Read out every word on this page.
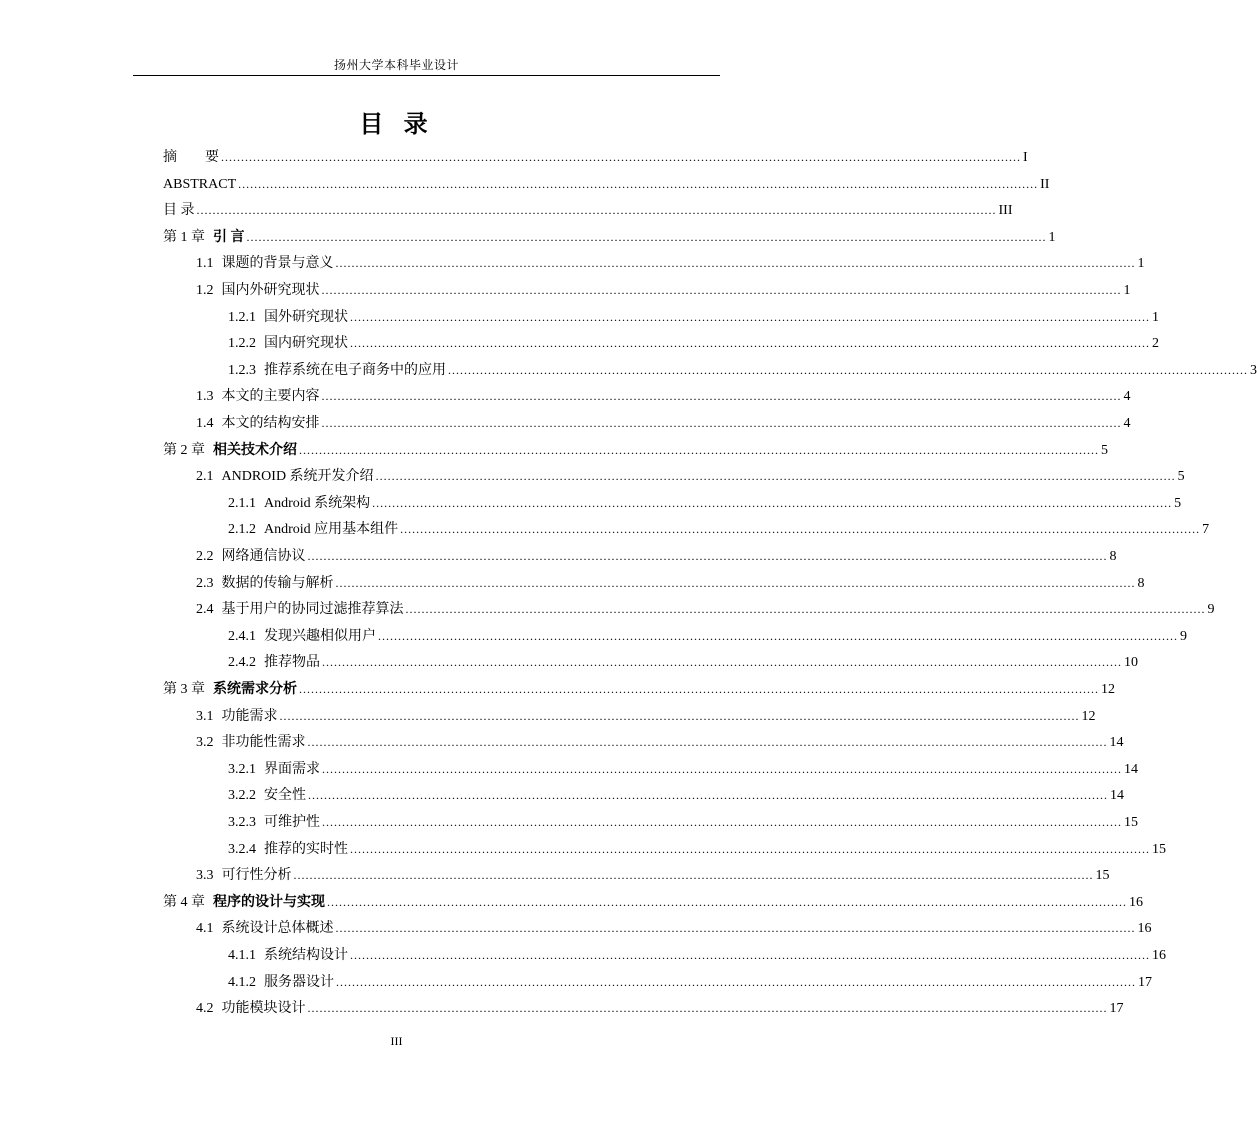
扬州大学本科毕业设计
目 录
摘　　要 ........................................................................................................................................................................................................ I
ABSTRACT ........................................................................................................................................................................................................ II
目 录 ........................................................................................................................................................................................................ III
第 1 章 引 言 ........................................................................................................................................................................................................ 1
1.1 课题的背景与意义 ........................................................................................................................................................................................................ 1
1.2 国内外研究现状 ........................................................................................................................................................................................................ 1
1.2.1 国外研究现状 ........................................................................................................................................................................................................ 1
1.2.2 国内研究现状 ........................................................................................................................................................................................................ 2
1.2.3 推荐系统在电子商务中的应用 ........................................................................................................................................................................................................ 3
1.3 本文的主要内容 ........................................................................................................................................................................................................ 4
1.4 本文的结构安排 ........................................................................................................................................................................................................ 4
第 2 章 相关技术介绍 ........................................................................................................................................................................................................ 5
2.1 ANDROID 系统开发介绍 ........................................................................................................................................................................................................ 5
2.1.1 Android 系统架构 ........................................................................................................................................................................................................ 5
2.1.2 Android 应用基本组件 ........................................................................................................................................................................................................ 7
2.2 网络通信协议 ........................................................................................................................................................................................................ 8
2.3 数据的传输与解析 ........................................................................................................................................................................................................ 8
2.4 基于用户的协同过滤推荐算法 ........................................................................................................................................................................................................ 9
2.4.1 发现兴趣相似用户 ........................................................................................................................................................................................................ 9
2.4.2 推荐物品 ........................................................................................................................................................................................................ 10
第 3 章 系统需求分析 ........................................................................................................................................................................................................ 12
3.1 功能需求 ........................................................................................................................................................................................................ 12
3.2 非功能性需求 ........................................................................................................................................................................................................ 14
3.2.1 界面需求 ........................................................................................................................................................................................................ 14
3.2.2 安全性 ........................................................................................................................................................................................................ 14
3.2.3 可维护性 ........................................................................................................................................................................................................ 15
3.2.4 推荐的实时性 ........................................................................................................................................................................................................ 15
3.3 可行性分析 ........................................................................................................................................................................................................ 15
第 4 章 程序的设计与实现 ........................................................................................................................................................................................................ 16
4.1 系统设计总体概述 ........................................................................................................................................................................................................ 16
4.1.1 系统结构设计 ........................................................................................................................................................................................................ 16
4.1.2 服务器设计 ........................................................................................................................................................................................................ 17
4.2 功能模块设计 ........................................................................................................................................................................................................ 17
III
